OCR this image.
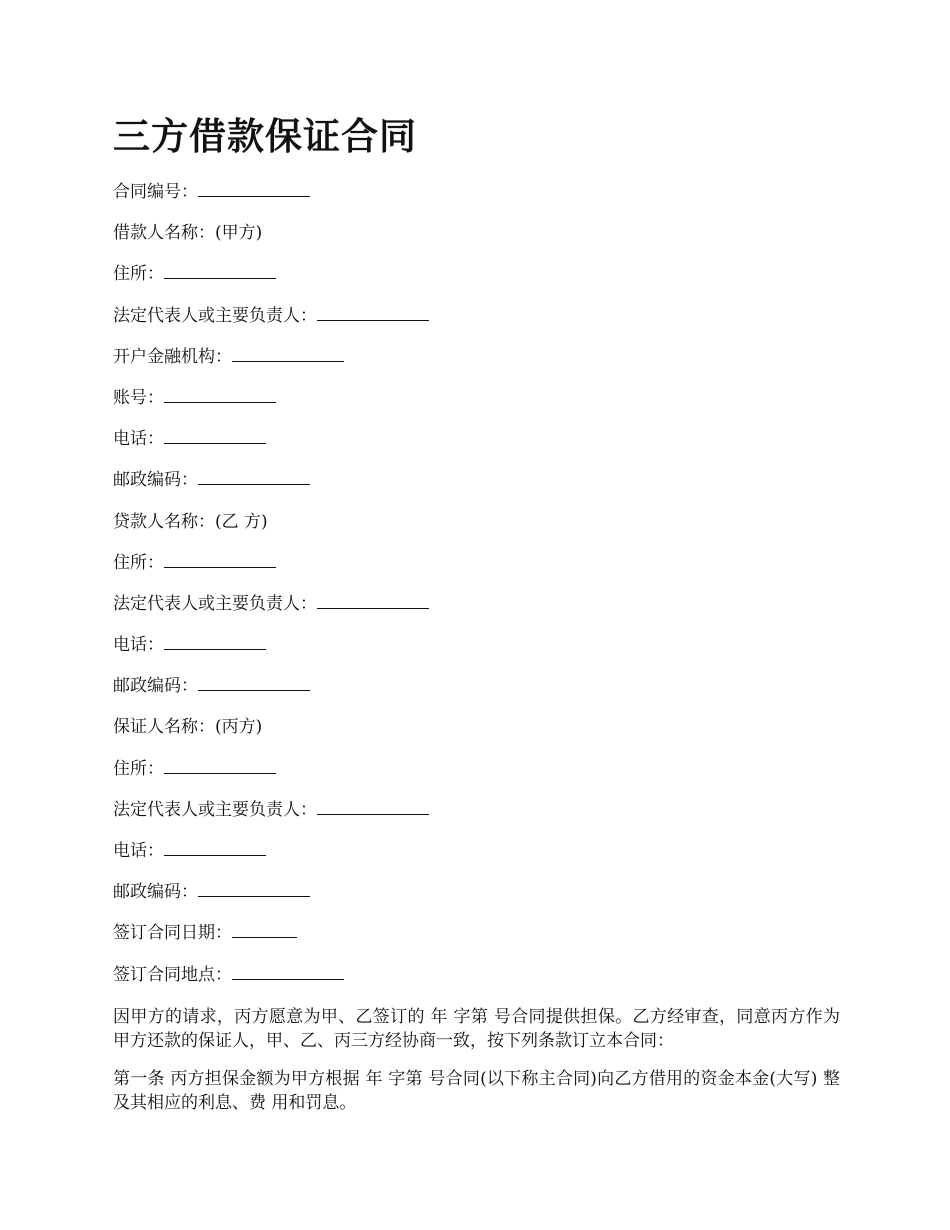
三方借款保证合同
合同编号：
借款人名称：(甲方)
住所：
法定代表人或主要负责人：
开户金融机构：
账号：
电话：
邮政编码：
贷款人名称：(乙 方)
住所：
法定代表人或主要负责人：
电话：
邮政编码：
保证人名称：(丙方)
住所：
法定代表人或主要负责人：
电话：
邮政编码：
签订合同日期：
签订合同地点：

因甲方的请求，丙方愿意为甲、乙签订的 年 字第 号合同提供担保。乙方经审查，同意丙方作为甲方还款的保证人，甲、乙、丙三方经协商一致，按下列条款订立本合同：

第一条 丙方担保金额为甲方根据 年 字第 号合同(以下称主合同)向乙方借用的资金本金(大写) 整及其相应的利息、费 用和罚息。
